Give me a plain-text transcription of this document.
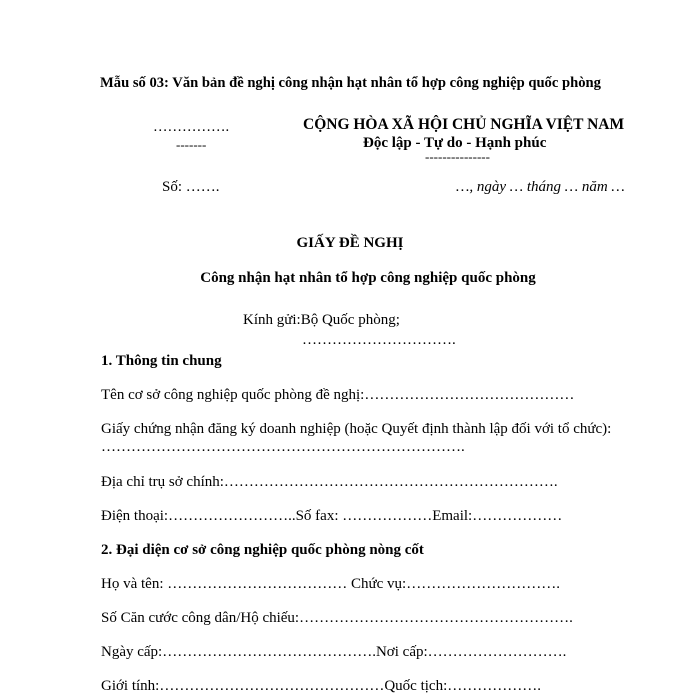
Mẫu số 03: Văn bản đề nghị công nhận hạt nhân tổ hợp công nghiệp quốc phòng
…………….
-------
CỘNG HÒA XÃ HỘI CHỦ NGHĨA VIỆT NAM
Độc lập - Tự do - Hạnh phúc
---------------
Số: …….	…, ngày … tháng … năm …
GIẤY ĐỀ NGHỊ
Công nhận hạt nhân tổ hợp công nghiệp quốc phòng
Kính gửi:Bộ Quốc phòng;
………………………….
1. Thông tin chung
Tên cơ sở công nghiệp quốc phòng đề nghị:……………………………………
Giấy chứng nhận đăng ký doanh nghiệp (hoặc Quyết định thành lập đối với tổ chức):
……………………………………………………………….
Địa chỉ trụ sở chính:………………………………………………………….
Điện thoại:……………………..Số fax: ………………Email:………………
2. Đại diện cơ sở công nghiệp quốc phòng nòng cốt
Họ và tên: ……………………………… Chức vụ:………………………….
Số Căn cước công dân/Hộ chiếu:……………………………………………….
Ngày cấp:…………………………………….Nơi cấp:……………………….
Giới tính:………………………………………Quốc tịch:……………….
